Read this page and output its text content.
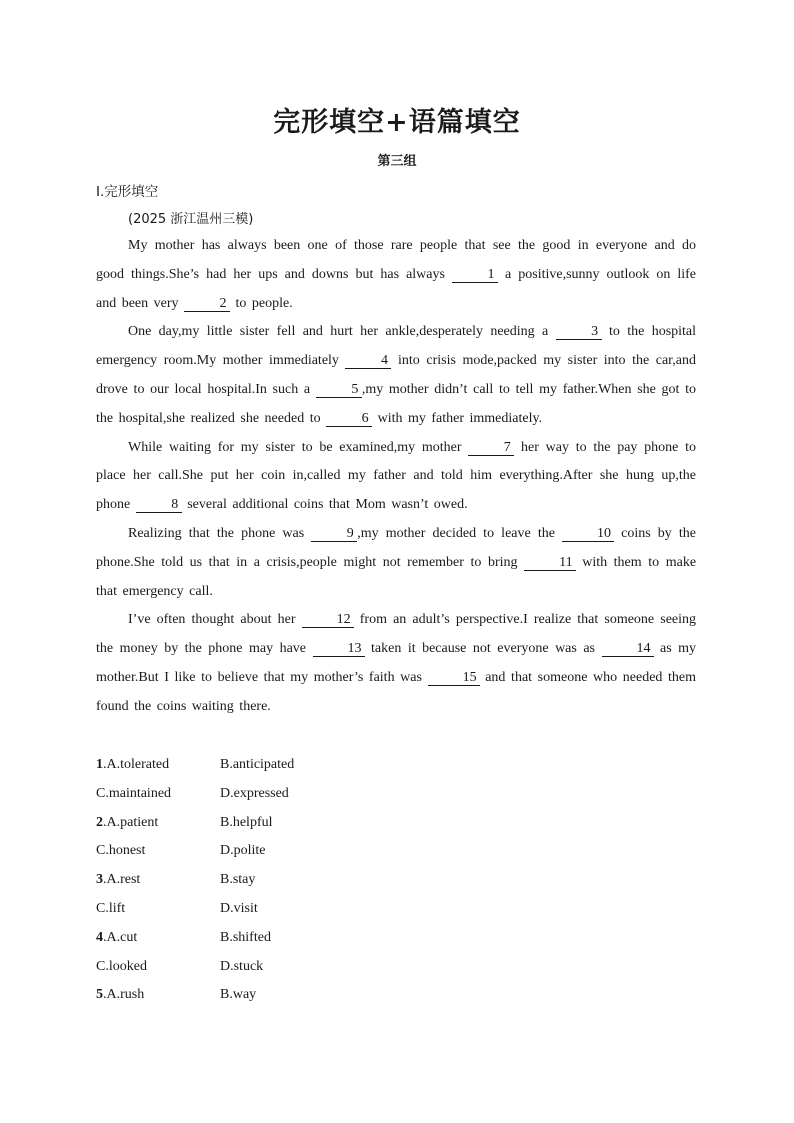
完形填空+语篇填空
第三组
Ⅰ.完形填空
(2025 浙江温州三模)

My mother has always been one of those rare people that see the good in everyone and do good things.She’s had her ups and downs but has always	1 a positive,sunny outlook on life and been very	2 to people.

One day,my little sister fell and hurt her ankle,desperately needing a	3 to the hospital emergency room.My mother immediately	4 into crisis mode,packed my sister into the car,and drove to our local hospital.In such a	5 ,my mother didn’t call to tell my father.When she got to the hospital,she realized she needed to	6 with my father immediately.

While waiting for my sister to be examined,my mother	7 her way to the pay phone to place her call.She put her coin in,called my father and told him everything.After she hung up,the phone	8 several additional coins that Mom wasn’t owed.

Realizing that the phone was	9 ,my mother decided to leave the	10 coins by the phone.She told us that in a crisis,people might not remember to bring	11 with them to make that emergency call.

I’ve often thought about her	12 from an adult’s perspective.I realize that someone seeing the money by the phone may have	13 taken it because not everyone was as	14 as my mother.But I like to believe that my mother’s faith was	15 and that someone who needed them found the coins waiting there.

1.A.tolerated	B.anticipated
C.maintained	D.expressed
2.A.patient	B.helpful
C.honest	D.polite
3.A.rest	B.stay
C.lift	D.visit
4.A.cut	B.shifted
C.looked	D.stuck
5.A.rush	B.way
